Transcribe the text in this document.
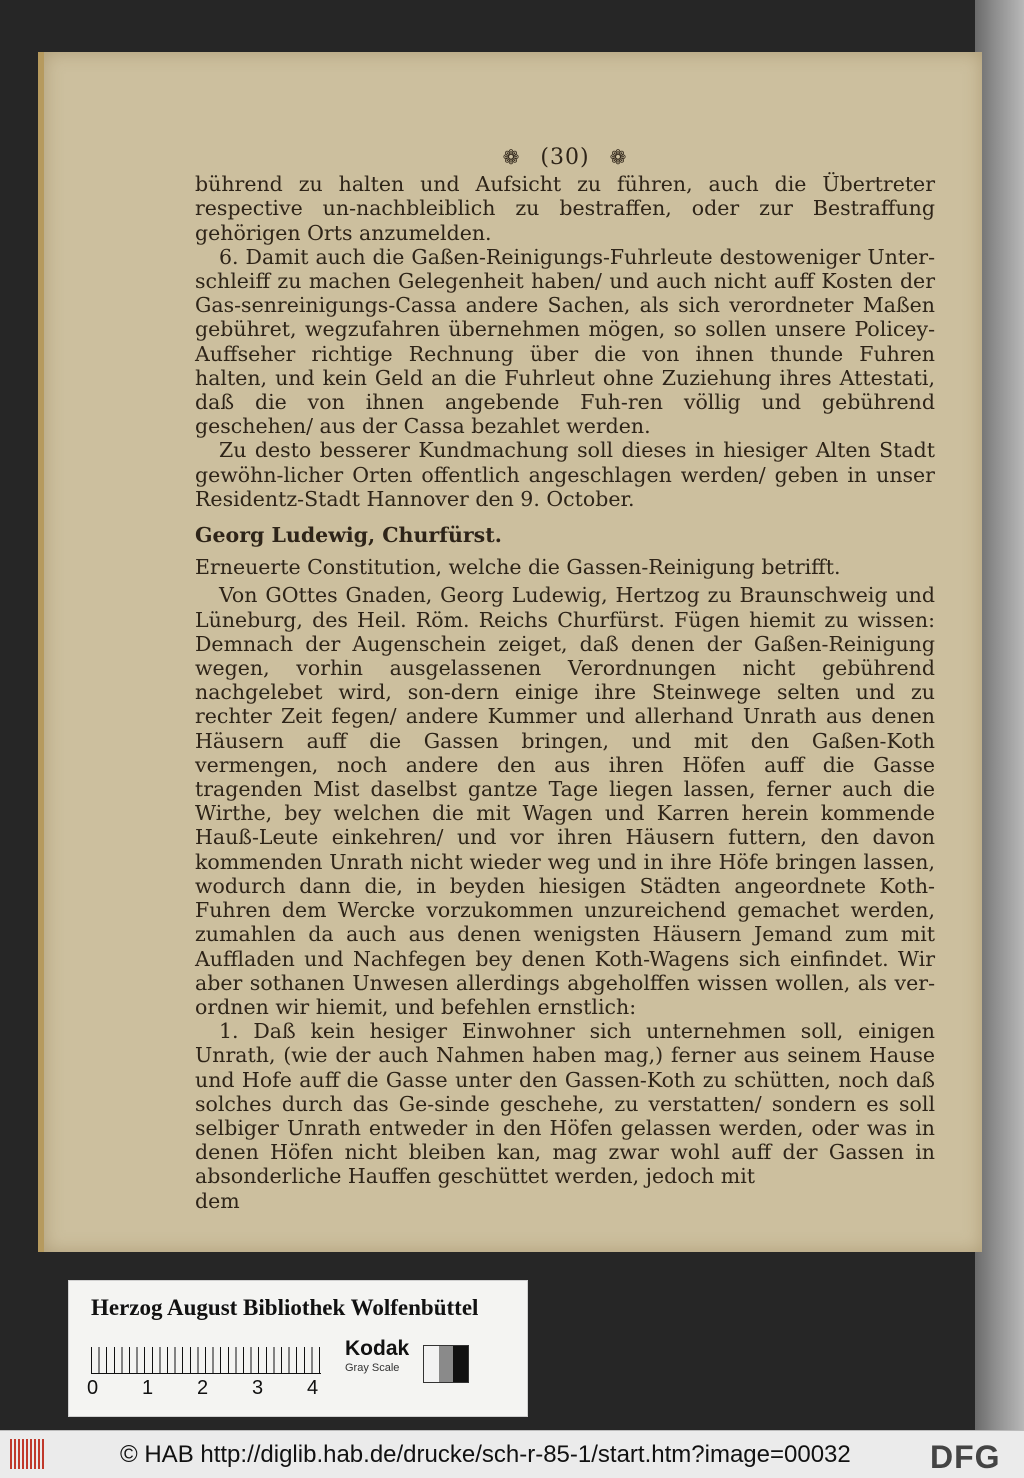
❁ (30) ❁

bührend zu halten und Aufsicht zu führen, auch die Übertreter respective un-nachbleiblich zu bestraffen, oder zur Bestraffung gehörigen Orts anzumelden.

6. Damit auch die Gaßen-Reinigungs-Fuhrleute destoweniger Unter-schleiff zu machen Gelegenheit haben/ und auch nicht auff Kosten der Gas-senreinigungs-Cassa andere Sachen, als sich verordneter Maßen gebühret, wegzufahren übernehmen mögen, so sollen unsere Policey-Auffseher richtige Rechnung über die von ihnen thunde Fuhren halten, und kein Geld an die Fuhrleut ohne Zuziehung ihres Attestati, daß die von ihnen angebende Fuh-ren völlig und gebührend geschehen/ aus der Cassa bezahlet werden.

Zu desto besserer Kundmachung soll dieses in hiesiger Alten Stadt gewöhn-licher Orten offentlich angeschlagen werden/ geben in unser Residentz-Stadt Hannover den 9. October.

Georg Ludewig, Churfürst.

Erneuerte Constitution, welche die Gassen-Reinigung betrifft.

Von GOttes Gnaden, Georg Ludewig, Hertzog zu Braunschweig und Lüneburg, des Heil. Röm. Reichs Churfürst. Fügen hiemit zu wissen: Demnach der Augenschein zeiget, daß denen der Gaßen-Reinigung wegen, vorhin ausgelassenen Verordnungen nicht gebührend nachgelebet wird, son-dern einige ihre Steinwege selten und zu rechter Zeit fegen/ andere Kummer und allerhand Unrath aus denen Häusern auff die Gassen bringen, und mit den Gaßen-Koth vermengen, noch andere den aus ihren Höfen auff die Gasse tragenden Mist daselbst gantze Tage liegen lassen, ferner auch die Wirthe, bey welchen die mit Wagen und Karren herein kommende Hauß-Leute einkehren/ und vor ihren Häusern futtern, den davon kommenden Unrath nicht wieder weg und in ihre Höfe bringen lassen, wodurch dann die, in beyden hiesigen Städten angeordnete Koth-Fuhren dem Wercke vorzukommen unzureichend gemachet werden, zumahlen da auch aus denen wenigsten Häusern Jemand zum mit Auffladen und Nachfegen bey denen Koth-Wagens sich einfindet. Wir aber sothanen Unwesen allerdings abgeholffen wissen wollen, als ver-ordnen wir hiemit, und befehlen ernstlich:

1. Daß kein hesiger Einwohner sich unternehmen soll, einigen Unrath, (wie der auch Nahmen haben mag,) ferner aus seinem Hause und Hofe auff die Gasse unter den Gassen-Koth zu schütten, noch daß solches durch das Ge-sinde geschehe, zu verstatten/ sondern es soll selbiger Unrath entweder in den Höfen gelassen werden, oder was in denen Höfen nicht bleiben kan, mag zwar wohl auff der Gassen in absonderliche Hauffen geschüttet werden, jedoch mit

dem

Herzog August Bibliothek Wolfenbüttel
0 1 2 3 4
Kodak
Gray Scale
© HAB http://diglib.hab.de/drucke/sch-r-85-1/start.htm?image=00032 DFG
